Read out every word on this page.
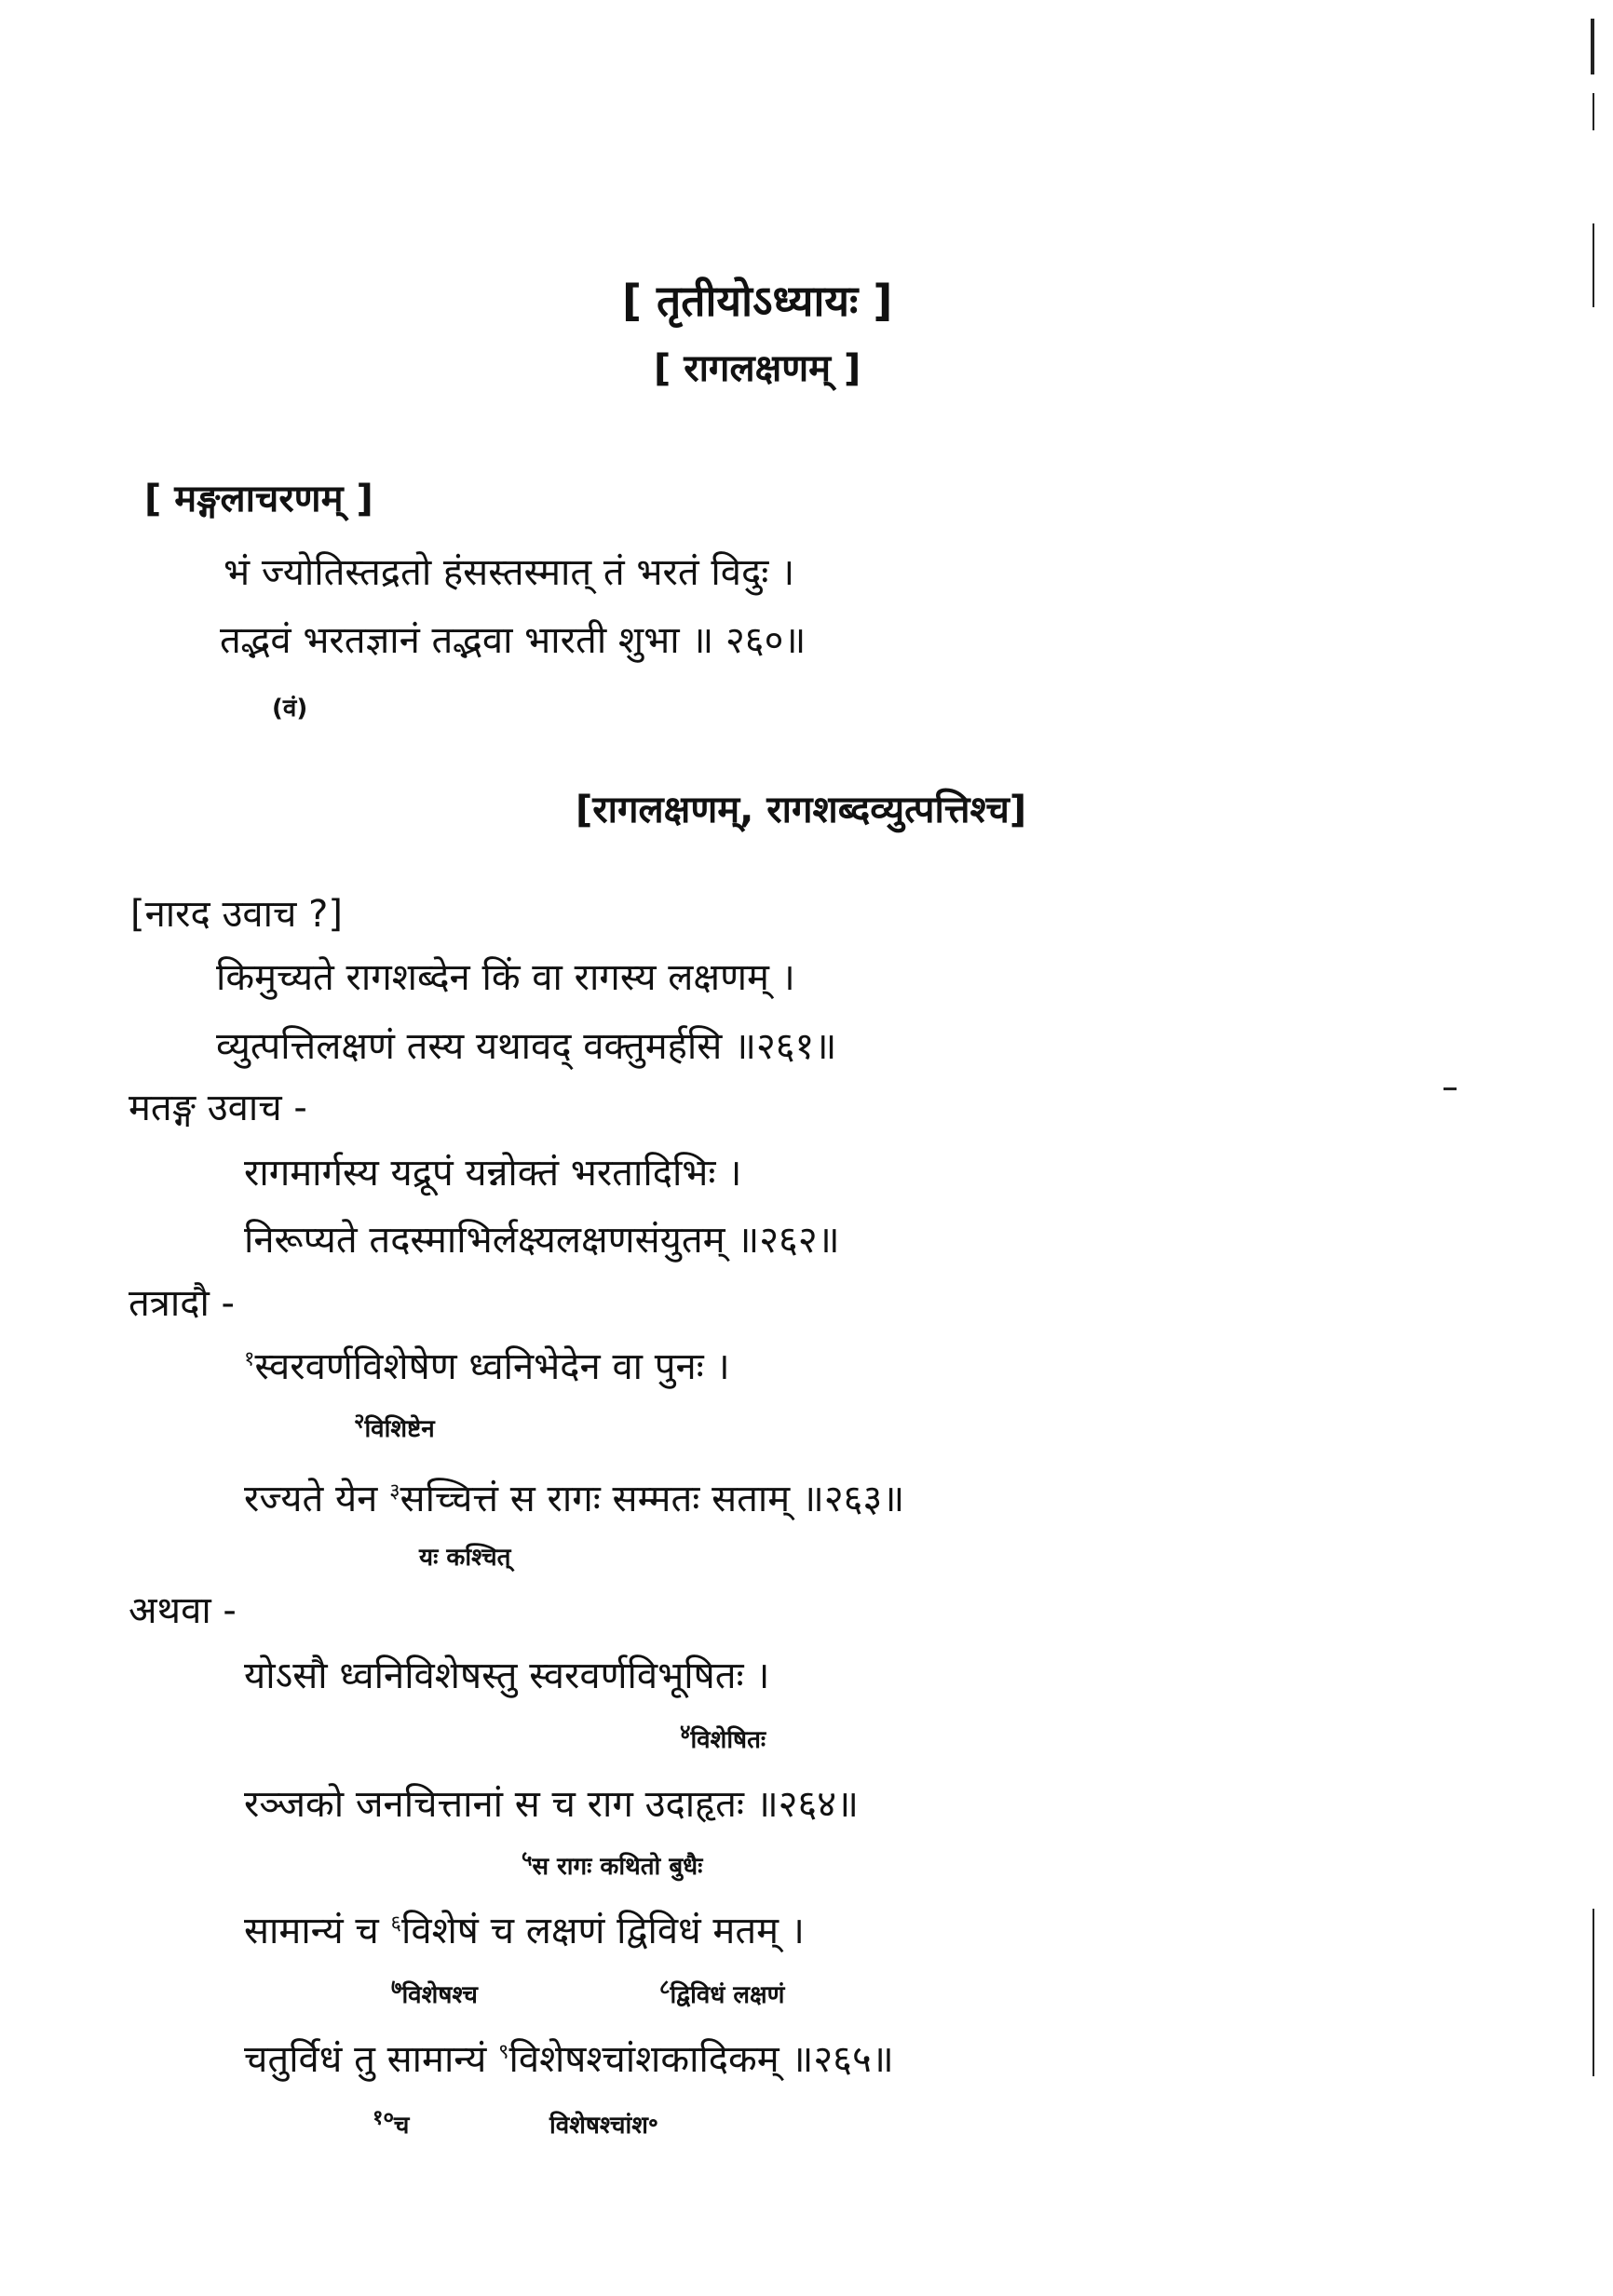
[ तृतीयोऽध्यायः ]
[ रागलक्षणम् ]
[ मङ्गलाचरणम् ]
भं ज्योतिस्तद्रतो हंसस्तस्मात् तं भरतं विदुः ।
तद्भवं भरतज्ञानं तद्भवा भारती शुभा ॥ २६०॥
(वं)
[रागलक्षणम्, रागशब्दव्युत्पत्तिश्च]
[नारद उवाच ?]
किमुच्यते रागशब्देन किं वा रागस्य लक्षणम् ।
व्युत्पत्तिलक्षणं तस्य यथावद् वक्तुमर्हसि ॥२६१॥
मतङ्ग उवाच -
रागमार्गस्य यद्रूपं यन्नोक्तं भरतादिभिः ।
निरूप्यते तदस्माभिर्लक्ष्यलक्षणसंयुतम् ॥२६२॥
तत्रादौ -
$^१$स्वरवर्णविशेषेण ध्वनिभेदेन वा पुनः ।
$^२$विशिष्टेन
रज्यते येन $^३$सच्चित्तं स रागः सम्मतः सताम् ॥२६३॥
यः कश्चित्
अथवा -
योऽसौ ध्वनिविशेषस्तु स्वरवर्णविभूषितः ।
$^४$विशेषितः
रञ्जको जनचित्तानां स च राग उदाहृतः ॥२६४॥
$^५$स रागः कथितो बुधैः
सामान्यं च $^६$विशेषं च लक्षणं द्विविधं मतम् ।
$^७$विशेषश्च	$^८$द्विविधं लक्षणं
चतुर्विधं तु सामान्यं $^९$विशेषश्चांशकादिकम् ॥२६५॥
$^{१०}$च	विशेषश्चांश॰
